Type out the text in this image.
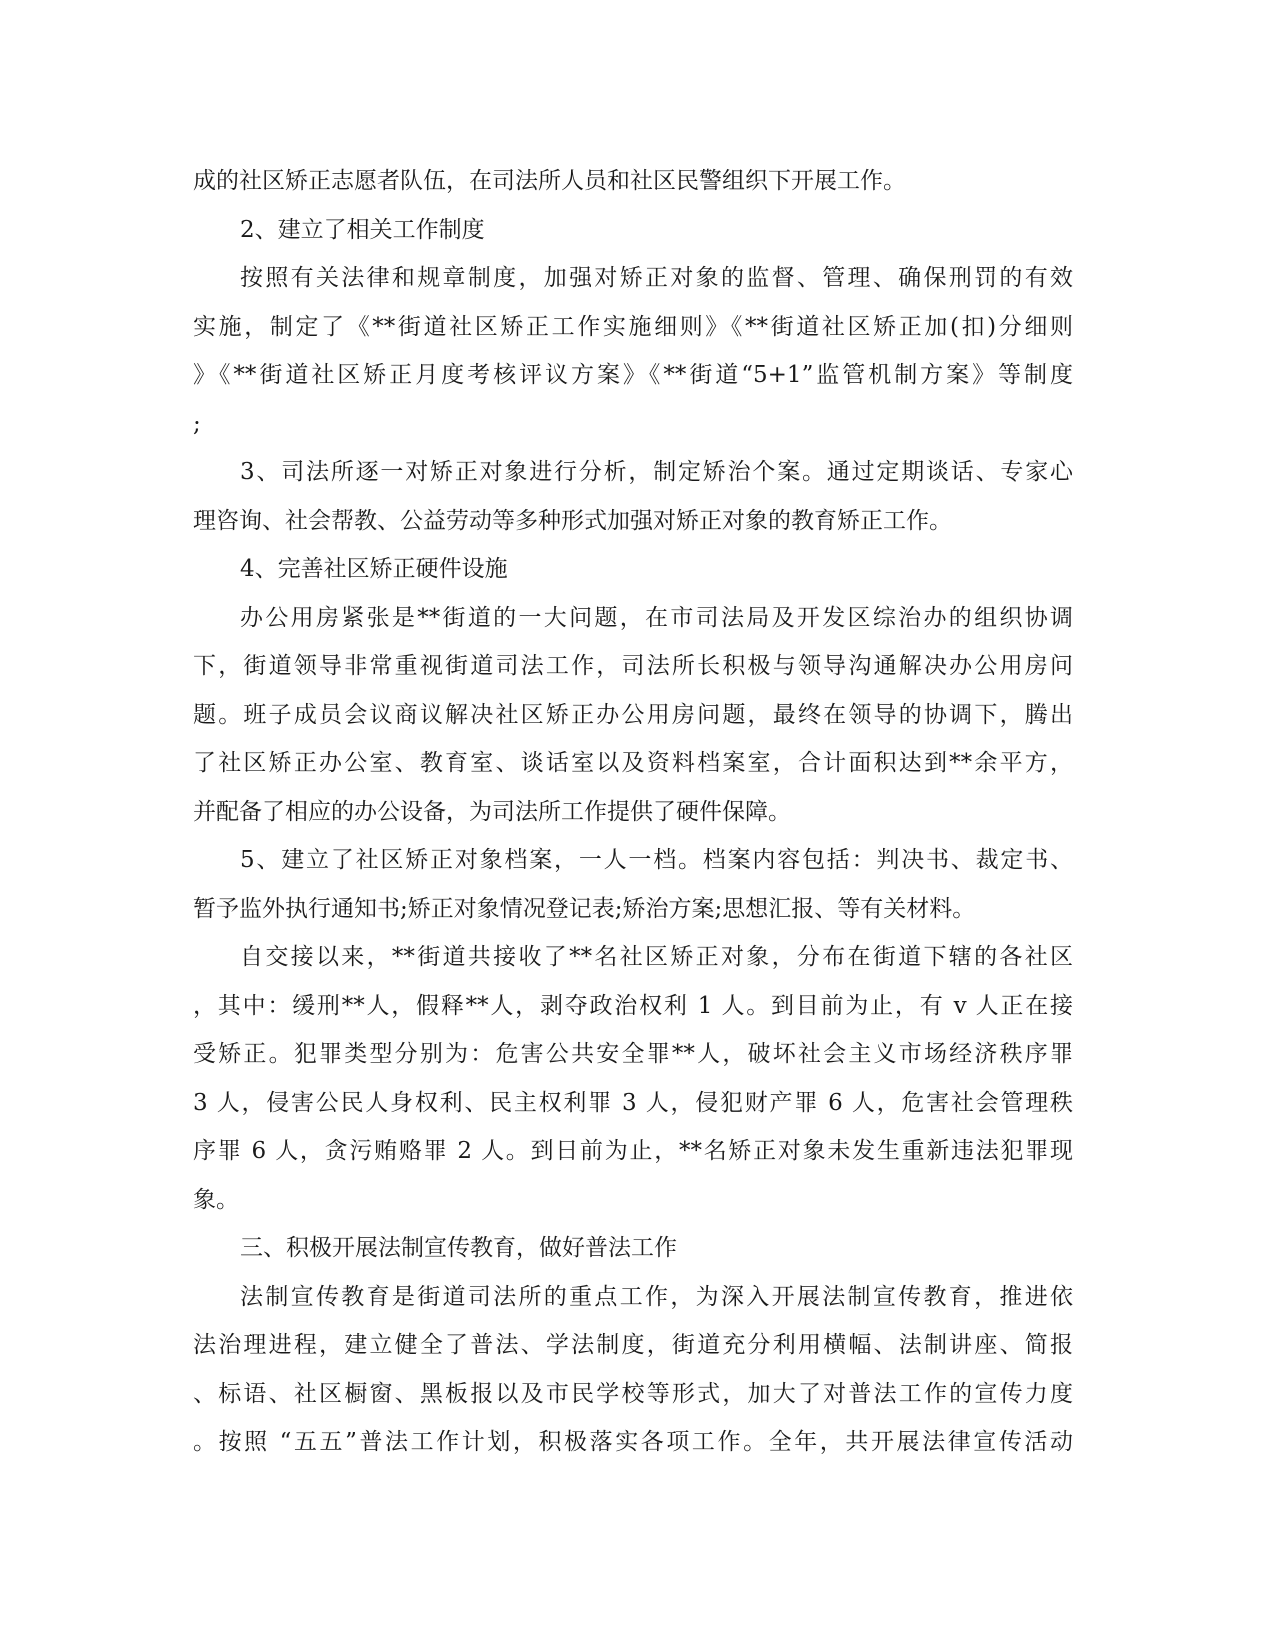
成的社区矫正志愿者队伍，在司法所人员和社区民警组织下开展工作。
2、建立了相关工作制度
按照有关法律和规章制度，加强对矫正对象的监督、管理、确保刑罚的有效
实施，制定了《**街道社区矫正工作实施细则》《**街道社区矫正加(扣)分细则
》《**街道社区矫正月度考核评议方案》《**街道“5+1”监管机制方案》等制度
;
3、司法所逐一对矫正对象进行分析，制定矫治个案。通过定期谈话、专家心
理咨询、社会帮教、公益劳动等多种形式加强对矫正对象的教育矫正工作。
4、完善社区矫正硬件设施
办公用房紧张是**街道的一大问题，在市司法局及开发区综治办的组织协调
下，街道领导非常重视街道司法工作，司法所长积极与领导沟通解决办公用房问
题。班子成员会议商议解决社区矫正办公用房问题，最终在领导的协调下，腾出
了社区矫正办公室、教育室、谈话室以及资料档案室，合计面积达到**余平方，
并配备了相应的办公设备，为司法所工作提供了硬件保障。
5、建立了社区矫正对象档案，一人一档。档案内容包括：判决书、裁定书、
暂予监外执行通知书;矫正对象情况登记表;矫治方案;思想汇报、等有关材料。
自交接以来，**街道共接收了**名社区矫正对象，分布在街道下辖的各社区
，其中：缓刑**人，假释**人，剥夺政治权利 1 人。到目前为止，有 v 人正在接
受矫正。犯罪类型分别为：危害公共安全罪**人，破坏社会主义市场经济秩序罪
3 人，侵害公民人身权利、民主权利罪 3 人，侵犯财产罪 6 人，危害社会管理秩
序罪 6 人，贪污贿赂罪 2 人。到日前为止，**名矫正对象未发生重新违法犯罪现
象。
三、积极开展法制宣传教育，做好普法工作
法制宣传教育是街道司法所的重点工作，为深入开展法制宣传教育，推进依
法治理进程，建立健全了普法、学法制度，街道充分利用横幅、法制讲座、简报
、标语、社区橱窗、黑板报以及市民学校等形式，加大了对普法工作的宣传力度
。按照 “五五”普法工作计划，积极落实各项工作。全年，共开展法律宣传活动
